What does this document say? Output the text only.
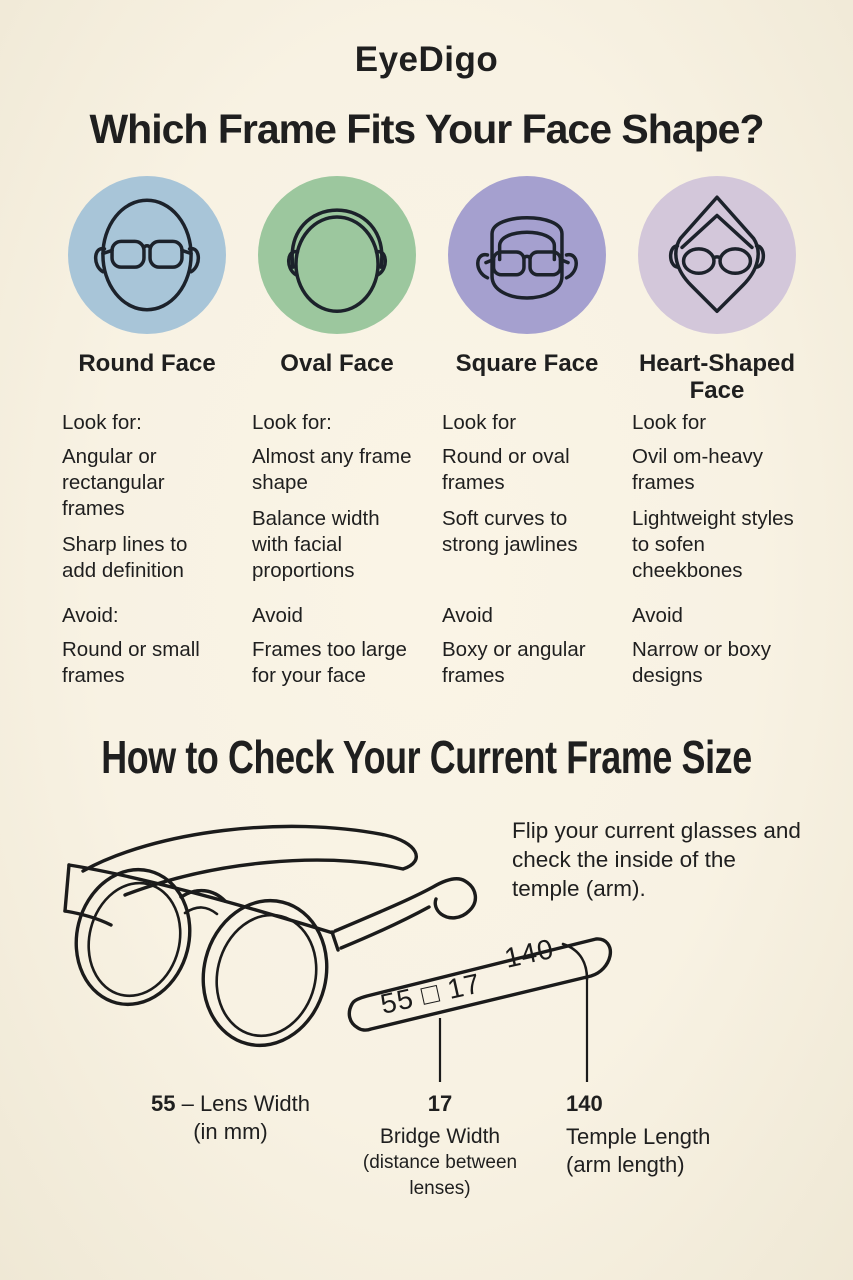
EyeDigo
Which Frame Fits Your Face Shape?
Round Face

Look for:

Angular or rectangular frames

Sharp lines to add definition

Avoid:

Round or small frames

Oval Face

Look for:

Almost any frame shape

Balance width with facial proportions

Avoid

Frames too large for your face

Square Face

Look for

Round or oval frames

Soft curves to strong jawlines

Avoid

Boxy or angular frames

Heart-Shaped Face

Look for

Ovil om-heavy frames

Lightweight styles to sofen cheekbones

Avoid

Narrow or boxy designs

How to Check Your Current Frame Size

Flip your current glasses and check the inside of the temple (arm).

55 □ 17
140
55 – Lens Width
(in mm)
17
Bridge Width
(distance between lenses)
140
Temple Length
(arm length)
